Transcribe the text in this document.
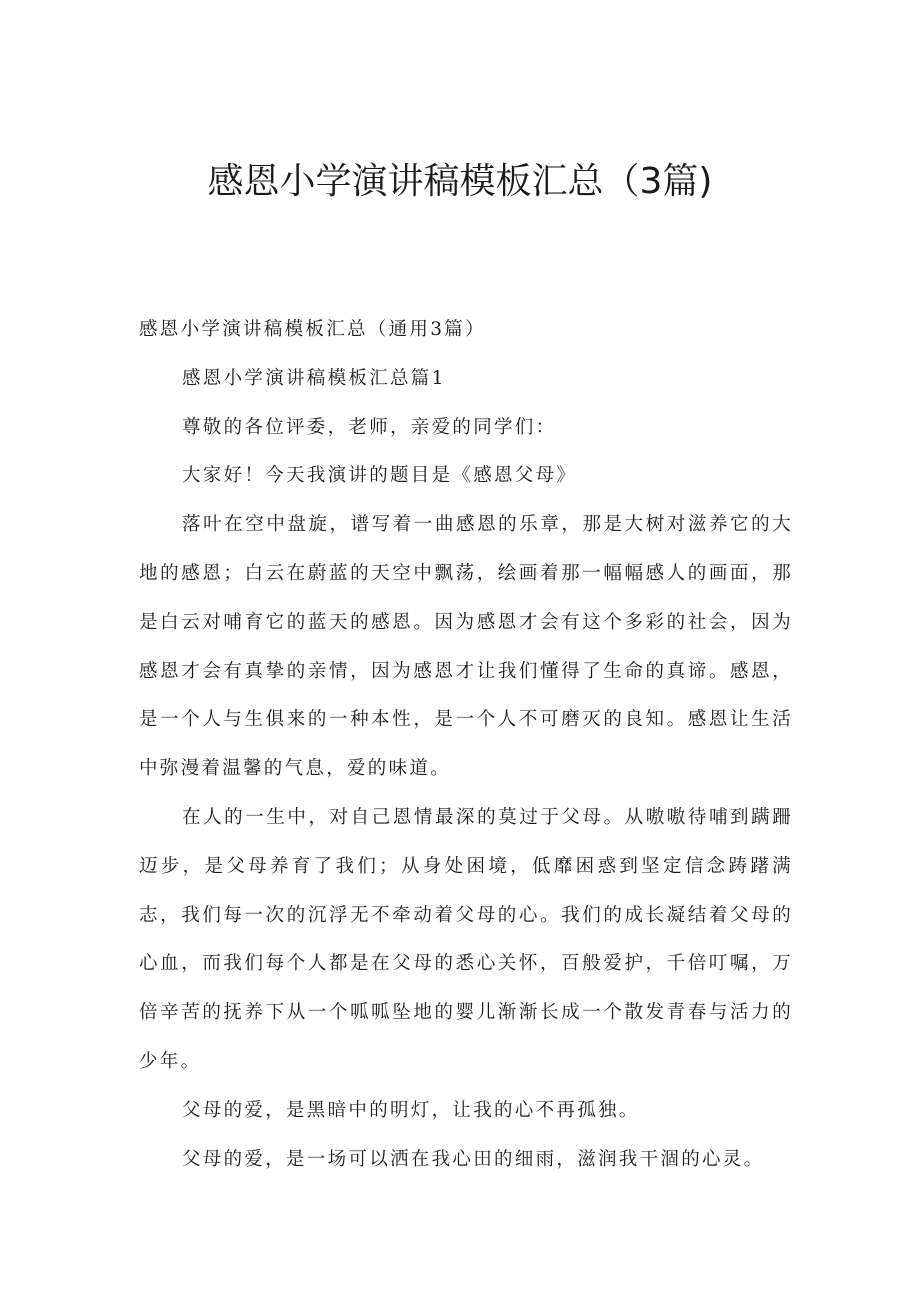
感恩小学演讲稿模板汇总（3篇)

感恩小学演讲稿模板汇总（通用3篇）

感恩小学演讲稿模板汇总篇1

尊敬的各位评委，老师，亲爱的同学们：

大家好！今天我演讲的题目是《感恩父母》

落叶在空中盘旋，谱写着一曲感恩的乐章，那是大树对滋养它的大地的感恩；白云在蔚蓝的天空中飘荡，绘画着那一幅幅感人的画面，那是白云对哺育它的蓝天的感恩。因为感恩才会有这个多彩的社会，因为感恩才会有真挚的亲情，因为感恩才让我们懂得了生命的真谛。感恩，是一个人与生俱来的一种本性，是一个人不可磨灭的良知。感恩让生活中弥漫着温馨的气息，爱的味道。

在人的一生中，对自己恩情最深的莫过于父母。从嗷嗷待哺到蹒跚迈步，是父母养育了我们；从身处困境，低靡困惑到坚定信念踌躇满志，我们每一次的沉浮无不牵动着父母的心。我们的成长凝结着父母的心血，而我们每个人都是在父母的悉心关怀，百般爱护，千倍叮嘱，万倍辛苦的抚养下从一个呱呱坠地的婴儿渐渐长成一个散发青春与活力的少年。

父母的爱，是黑暗中的明灯，让我的心不再孤独。

父母的爱，是一场可以洒在我心田的细雨，滋润我干涸的心灵。
